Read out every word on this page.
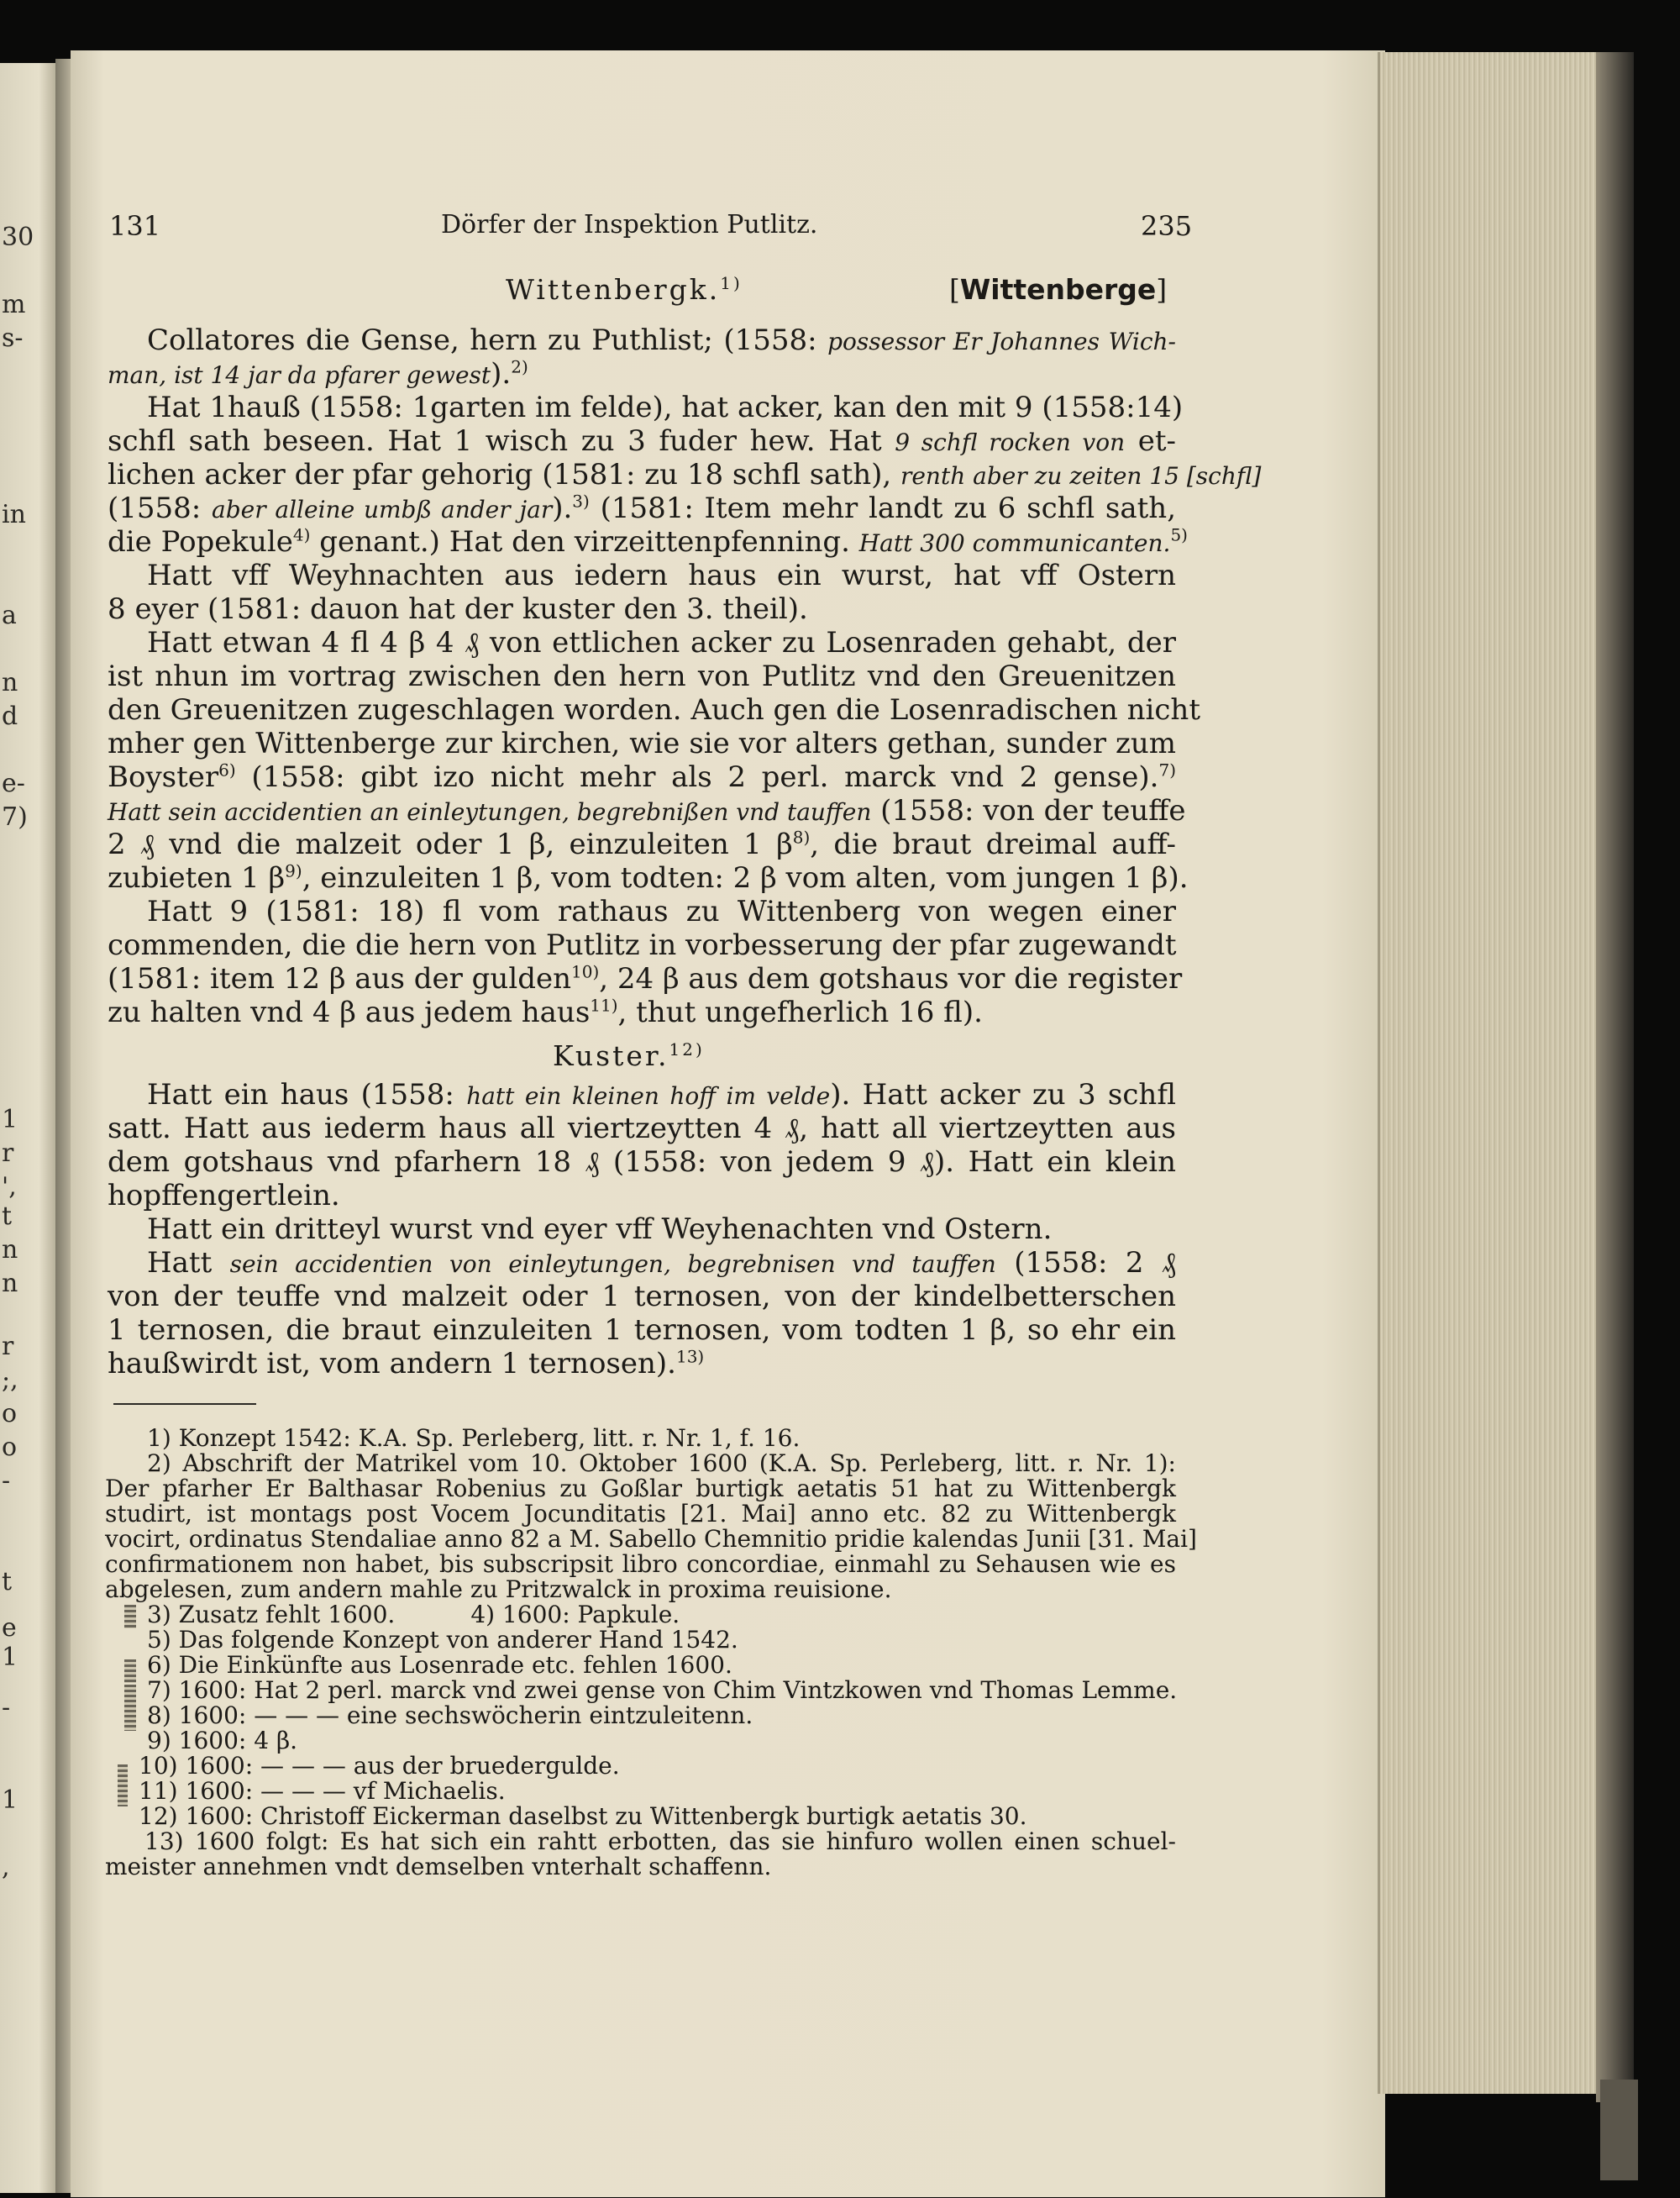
30
m
s-
in
a
n
d
e-
7)
1
r
',
t
n
n
r
;,
o
o
-
t
e
1
-
1
,
131	Dörfer der Inspektion Putlitz.	235
Wittenbergk.$^{1)}$	[Wittenberge]
Collatores die Gense, hern zu Puthlist; (1558: possessor Er Johannes Wich-
man, ist 14 jar da pfarer gewest).$^{2)}$
Hat 1hauß (1558: 1garten im felde), hat acker, kan den mit 9 (1558:14)
schfl sath beseen. Hat 1 wisch zu 3 fuder hew. Hat 9 schfl rocken von et-
lichen acker der pfar gehorig (1581: zu 18 schfl sath), renth aber zu zeiten 15 [schfl]
(1558: aber alleine umbß ander jar).$^{3)}$ (1581: Item mehr landt zu 6 schfl sath,
die Popekule$^{4)}$ genant.) Hat den virzeittenpfenning. Hatt 300 communicanten.$^{5)}$
Hatt vff Weyhnachten aus iedern haus ein wurst, hat vff Ostern
8 eyer (1581: dauon hat der kuster den 3. theil).
Hatt etwan 4 fl 4 β 4 ₰ von ettlichen acker zu Losenraden gehabt, der
ist nhun im vortrag zwischen den hern von Putlitz vnd den Greuenitzen
den Greuenitzen zugeschlagen worden. Auch gen die Losenradischen nicht
mher gen Wittenberge zur kirchen, wie sie vor alters gethan, sunder zum
Boyster$^{6)}$ (1558: gibt izo nicht mehr als 2 perl. marck vnd 2 gense).$^{7)}$
Hatt sein accidentien an einleytungen, begrebnißen vnd tauffen (1558: von der teuffe
2 ₰ vnd die malzeit oder 1 β, einzuleiten 1 $\beta^{8)}$, die braut dreimal auff-
zubieten 1 $\beta^{9)}$, einzuleiten 1 β, vom todten: 2 β vom alten, vom jungen 1 β).
Hatt 9 (1581: 18) fl vom rathaus zu Wittenberg von wegen einer
commenden, die die hern von Putlitz in vorbesserung der pfar zugewandt
(1581: item 12 β aus der gulden$^{10)}$, 24 β aus dem gotshaus vor die register
zu halten vnd 4 β aus jedem haus$^{11)}$, thut ungefherlich 16 fl).
Kuster.$^{12)}$
Hatt ein haus (1558: hatt ein kleinen hoff im velde). Hatt acker zu 3 schfl
satt. Hatt aus iederm haus all viertzeytten 4 ₰, hatt all viertzeytten aus
dem gotshaus vnd pfarhern 18 ₰ (1558: von jedem 9 ₰). Hatt ein klein
hopffengertlein.
Hatt ein dritteyl wurst vnd eyer vff Weyhenachten vnd Ostern.
Hatt sein accidentien von einleytungen, begrebnisen vnd tauffen (1558: 2 ₰
von der teuffe vnd malzeit oder 1 ternosen, von der kindelbetterschen
1 ternosen, die braut einzuleiten 1 ternosen, vom todten 1 β, so ehr ein
haußwirdt ist, vom andern 1 ternosen).$^{13)}$
1) Konzept 1542: K.A. Sp. Perleberg, litt. r. Nr. 1, f. 16.
2) Abschrift der Matrikel vom 10. Oktober 1600 (K.A. Sp. Perleberg, litt. r. Nr. 1):
Der pfarher Er Balthasar Robenius zu Goßlar burtigk aetatis 51 hat zu Wittenbergk
studirt, ist montags post Vocem Jocunditatis [21. Mai] anno etc. 82 zu Wittenbergk
vocirt, ordinatus Stendaliae anno 82 a M. Sabello Chemnitio pridie kalendas Junii [31. Mai]
confirmationem non habet, bis subscripsit libro concordiae, einmahl zu Sehausen wie es
abgelesen, zum andern mahle zu Pritzwalck in proxima reuisione.
3) Zusatz fehlt 1600.	4) 1600: Papkule.
5) Das folgende Konzept von anderer Hand 1542.
6) Die Einkünfte aus Losenrade etc. fehlen 1600.
7) 1600: Hat 2 perl. marck vnd zwei gense von Chim Vintzkowen vnd Thomas Lemme.
8) 1600: — — — eine sechswöcherin eintzuleitenn.
9) 1600: 4 β.
10) 1600: — — — aus der bruedergulde.
11) 1600: — — — vf Michaelis.
12) 1600: Christoff Eickerman daselbst zu Wittenbergk burtigk aetatis 30.
13) 1600 folgt: Es hat sich ein rahtt erbotten, das sie hinfuro wollen einen schuel-
meister annehmen vndt demselben vnterhalt schaffenn.
